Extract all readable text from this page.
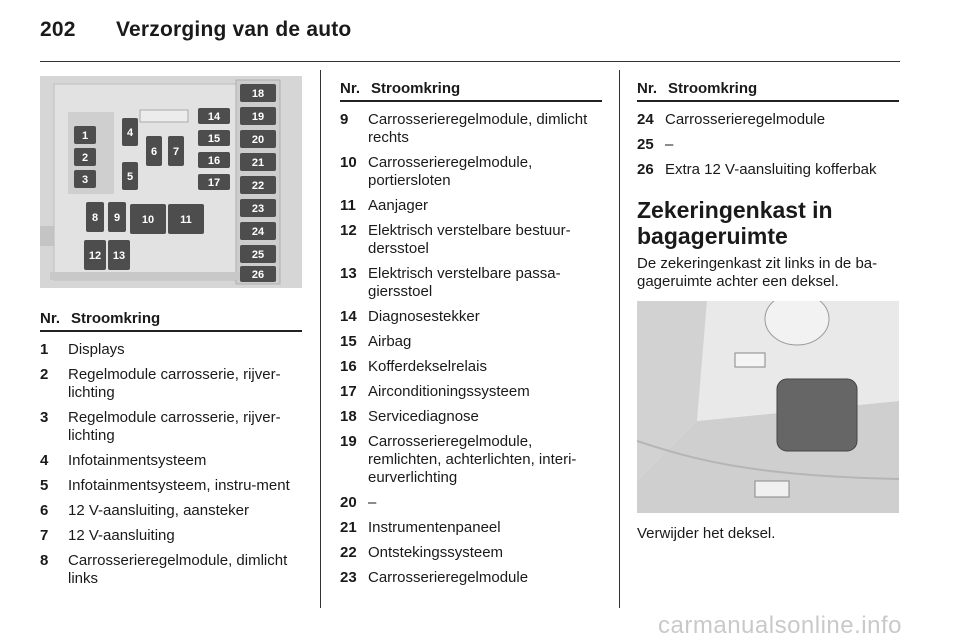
202 Verzorging van de auto
1
2
3
4
5
6 7
8 9 10 11
12 13
14
15
16
17
18
19
20
21
22
23
24
25
26
Nr. Stroomkring
1	Displays
2	Regelmodule carrosserie, rijver-lichting
3	Regelmodule carrosserie, rijver-lichting
4	Infotainmentsysteem
5	Infotainmentsysteem, instru-ment
6	12 V-aansluiting, aansteker
7	12 V-aansluiting
8	Carrosserieregelmodule, dimlicht links
Nr. Stroomkring
9	Carrosserieregelmodule, dimlicht rechts
10 Carrosserieregelmodule, portiersloten
11 Aanjager
12 Elektrisch verstelbare bestuur-dersstoel
13 Elektrisch verstelbare passa-giersstoel
14 Diagnosestekker
15 Airbag
16 Kofferdekselrelais
17 Airconditioningssysteem
18 Servicediagnose
19 Carrosserieregelmodule, remlichten, achterlichten, interi-eurverlichting
20 –
21 Instrumentenpaneel
22 Ontstekingssysteem
23 Carrosserieregelmodule
Nr. Stroomkring
24 Carrosserieregelmodule
25 –
26 Extra 12 V-aansluiting kofferbak
Zekeringenkast in bagageruimte
De zekeringenkast zit links in de ba-gageruimte achter een deksel.
Verwijder het deksel.
carmanualsonline.info
